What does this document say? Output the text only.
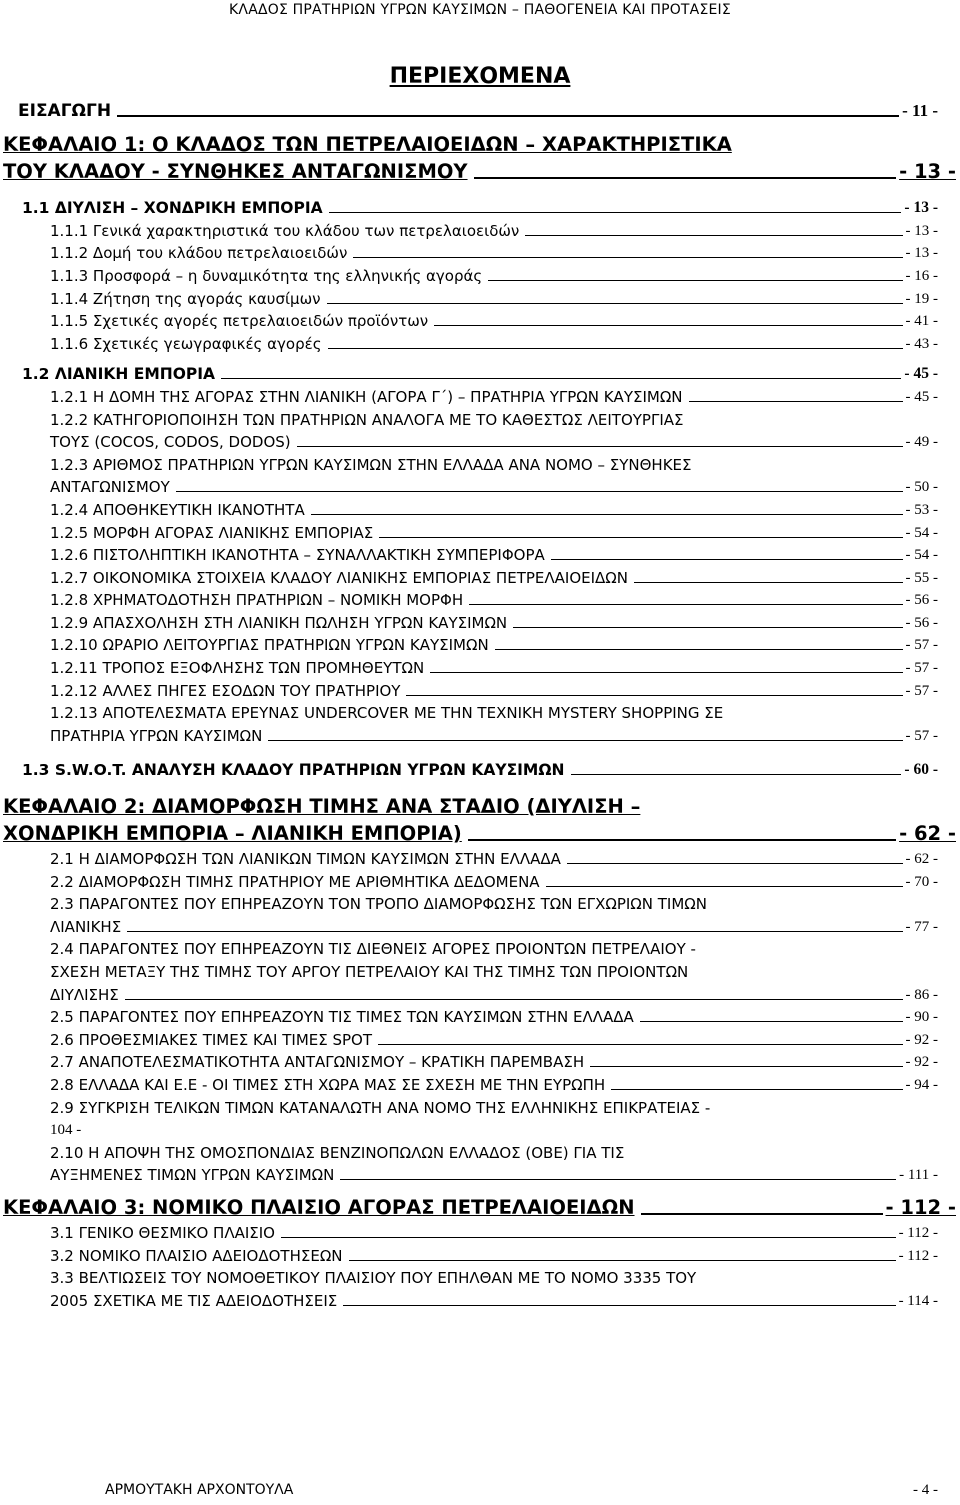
ΚΛΑΔΟΣ ΠΡΑΤΗΡΙΩΝ ΥΓΡΩΝ ΚΑΥΣΙΜΩΝ – ΠΑΘΟΓΕΝΕΙΑ ΚΑΙ ΠΡΟΤΑΣΕΙΣ
ΠΕΡΙΕΧΟΜΕΝΑ
ΕΙΣΑΓΩΓΗ	- 11 -
ΚΕΦΑΛΑΙΟ 1: Ο ΚΛΑΔΟΣ ΤΩΝ ΠΕΤΡΕΛΑΙΟΕΙΔΩΝ – ΧΑΡΑΚΤΗΡΙΣΤΙΚΑ
ΤΟΥ ΚΛΑΔΟΥ - ΣΥΝΘΗΚΕΣ ΑΝΤΑΓΩΝΙΣΜΟΥ	- 13 -
1.1 ΔΙΥΛΙΣΗ – ΧΟΝΔΡΙΚΗ ΕΜΠΟΡΙΑ	- 13 -
1.1.1 Γενικά χαρακτηριστικά του κλάδου των πετρελαιοειδών	- 13 -
1.1.2 Δομή του κλάδου πετρελαιοειδών	- 13 -
1.1.3 Προσφορά – η δυναμικότητα της ελληνικής αγοράς	- 16 -
1.1.4 Ζήτηση της αγοράς καυσίμων	- 19 -
1.1.5 Σχετικές αγορές πετρελαιοειδών προϊόντων	- 41 -
1.1.6 Σχετικές γεωγραφικές αγορές	- 43 -
1.2 ΛΙΑΝΙΚΗ ΕΜΠΟΡΙΑ	- 45 -
1.2.1 Η ΔΟΜΗ ΤΗΣ ΑΓΟΡΑΣ ΣΤΗΝ ΛΙΑΝΙΚΗ (ΑΓΟΡΑ Γ΄) – ΠΡΑΤΗΡΙΑ ΥΓΡΩΝ ΚΑΥΣΙΜΩΝ	- 45 -
1.2.2 ΚΑΤΗΓΟΡΙΟΠΟΙΗΣΗ ΤΩΝ ΠΡΑΤΗΡΙΩΝ ΑΝΑΛΟΓΑ ΜΕ ΤΟ ΚΑΘΕΣΤΩΣ ΛΕΙΤΟΥΡΓΙΑΣ
ΤΟΥΣ (COCOS, CODOS, DODOS)	- 49 -
1.2.3 ΑΡΙΘΜΟΣ ΠΡΑΤΗΡΙΩΝ ΥΓΡΩΝ ΚΑΥΣΙΜΩΝ ΣΤΗΝ ΕΛΛΑΔΑ ΑΝΑ ΝΟΜΟ – ΣΥΝΘΗΚΕΣ
ΑΝΤΑΓΩΝΙΣΜΟΥ	- 50 -
1.2.4 ΑΠΟΘΗΚΕΥΤΙΚΗ ΙΚΑΝΟΤΗΤΑ	- 53 -
1.2.5 ΜΟΡΦΗ ΑΓΟΡΑΣ ΛΙΑΝΙΚΗΣ ΕΜΠΟΡΙΑΣ	- 54 -
1.2.6 ΠΙΣΤΟΛΗΠΤΙΚΗ ΙΚΑΝΟΤΗΤΑ – ΣΥΝΑΛΛΑΚΤΙΚΗ ΣΥΜΠΕΡΙΦΟΡΑ	- 54 -
1.2.7 ΟΙΚΟΝΟΜΙΚΑ ΣΤΟΙΧΕΙΑ ΚΛΑΔΟΥ ΛΙΑΝΙΚΗΣ ΕΜΠΟΡΙΑΣ ΠΕΤΡΕΛΑΙΟΕΙΔΩΝ	- 55 -
1.2.8 ΧΡΗΜΑΤΟΔΟΤΗΣΗ ΠΡΑΤΗΡΙΩΝ – ΝΟΜΙΚΗ ΜΟΡΦΗ	- 56 -
1.2.9 ΑΠΑΣΧΟΛΗΣΗ ΣΤΗ ΛΙΑΝΙΚΗ ΠΩΛΗΣΗ ΥΓΡΩΝ ΚΑΥΣΙΜΩΝ	- 56 -
1.2.10 ΩΡΑΡΙΟ ΛΕΙΤΟΥΡΓΙΑΣ ΠΡΑΤΗΡΙΩΝ ΥΓΡΩΝ ΚΑΥΣΙΜΩΝ	- 57 -
1.2.11 ΤΡΟΠΟΣ ΕΞΟΦΛΗΣΗΣ ΤΩΝ ΠΡΟΜΗΘΕΥΤΩΝ	- 57 -
1.2.12 ΑΛΛΕΣ ΠΗΓΕΣ ΕΣΟΔΩΝ ΤΟΥ ΠΡΑΤΗΡΙΟΥ	- 57 -
1.2.13 ΑΠΟΤΕΛΕΣΜΑΤΑ ΕΡΕΥΝΑΣ UNDERCOVER ΜΕ ΤΗΝ ΤΕΧΝΙΚΗ MYSTERY SHOPPING ΣΕ
ΠΡΑΤΗΡΙΑ ΥΓΡΩΝ ΚΑΥΣΙΜΩΝ	- 57 -
1.3 S.W.O.T. ΑΝΑΛΥΣΗ ΚΛΑΔΟΥ ΠΡΑΤΗΡΙΩΝ ΥΓΡΩΝ ΚΑΥΣΙΜΩΝ	- 60 -
ΚΕΦΑΛΑΙΟ 2: ΔΙΑΜΟΡΦΩΣΗ ΤΙΜΗΣ ΑΝΑ ΣΤΑΔΙΟ (ΔΙΥΛΙΣΗ –
ΧΟΝΔΡΙΚΗ ΕΜΠΟΡΙΑ – ΛΙΑΝΙΚΗ ΕΜΠΟΡΙΑ)	- 62 -
2.1 Η ΔΙΑΜΟΡΦΩΣΗ ΤΩΝ ΛΙΑΝΙΚΩΝ ΤΙΜΩΝ ΚΑΥΣΙΜΩΝ ΣΤΗΝ ΕΛΛΑΔΑ	- 62 -
2.2 ΔΙΑΜΟΡΦΩΣΗ ΤΙΜΗΣ ΠΡΑΤΗΡΙΟΥ ΜΕ ΑΡΙΘΜΗΤΙΚΑ ΔΕΔΟΜΕΝΑ	- 70 -
2.3 ΠΑΡΑΓΟΝΤΕΣ ΠΟΥ ΕΠΗΡΕΑΖΟΥΝ ΤΟΝ ΤΡΟΠΟ ΔΙΑΜΟΡΦΩΣΗΣ ΤΩΝ ΕΓΧΩΡΙΩΝ ΤΙΜΩΝ
ΛΙΑΝΙΚΗΣ	- 77 -
2.4 ΠΑΡΑΓΟΝΤΕΣ ΠΟΥ ΕΠΗΡΕΑΖΟΥΝ ΤΙΣ ΔΙΕΘΝΕΙΣ ΑΓΟΡΕΣ ΠΡΟΙΟΝΤΩΝ ΠΕΤΡΕΛΑΙΟΥ -
ΣΧΕΣΗ ΜΕΤΑΞΥ ΤΗΣ ΤΙΜΗΣ ΤΟΥ ΑΡΓΟΥ ΠΕΤΡΕΛΑΙΟΥ ΚΑΙ ΤΗΣ ΤΙΜΗΣ ΤΩΝ ΠΡΟΙΟΝΤΩΝ
ΔΙΥΛΙΣΗΣ	- 86 -
2.5 ΠΑΡΑΓΟΝΤΕΣ ΠΟΥ ΕΠΗΡΕΑΖΟΥΝ ΤΙΣ ΤΙΜΕΣ ΤΩΝ ΚΑΥΣΙΜΩΝ ΣΤΗΝ ΕΛΛΑΔΑ	- 90 -
2.6 ΠΡΟΘΕΣΜΙΑΚΕΣ ΤΙΜΕΣ ΚΑΙ ΤΙΜΕΣ SPOT	- 92 -
2.7 ΑΝΑΠΟΤΕΛΕΣΜΑΤΙΚΟΤΗΤΑ ΑΝΤΑΓΩΝΙΣΜΟΥ – ΚΡΑΤΙΚΗ ΠΑΡΕΜΒΑΣΗ	- 92 -
2.8 ΕΛΛΑΔΑ ΚΑΙ Ε.Ε - ΟΙ ΤΙΜΕΣ ΣΤΗ ΧΩΡΑ ΜΑΣ ΣΕ ΣΧΕΣΗ ΜΕ ΤΗΝ ΕΥΡΩΠΗ	- 94 -
2.9 ΣΥΓΚΡΙΣΗ ΤΕΛΙΚΩΝ ΤΙΜΩΝ ΚΑΤΑΝΑΛΩΤΗ ΑΝΑ ΝΟΜΟ ΤΗΣ ΕΛΛΗΝΙΚΗΣ ΕΠΙΚΡΑΤΕΙΑΣ -
104 -
2.10 Η ΑΠΟΨΗ ΤΗΣ ΟΜΟΣΠΟΝΔΙΑΣ ΒΕΝΖΙΝΟΠΩΛΩΝ ΕΛΛΑΔΟΣ (ΟΒΕ) ΓΙΑ ΤΙΣ
ΑΥΞΗΜΕΝΕΣ ΤΙΜΩΝ ΥΓΡΩΝ ΚΑΥΣΙΜΩΝ	- 111 -
ΚΕΦΑΛΑΙΟ 3: ΝΟΜΙΚΟ ΠΛΑΙΣΙΟ ΑΓΟΡΑΣ ΠΕΤΡΕΛΑΙΟΕΙΔΩΝ	- 112 -
3.1 ΓΕΝΙΚΟ ΘΕΣΜΙΚΟ ΠΛΑΙΣΙΟ	- 112 -
3.2 ΝΟΜΙΚΟ ΠΛΑΙΣΙΟ ΑΔΕΙΟΔΟΤΗΣΕΩΝ	- 112 -
3.3 ΒΕΛΤΙΩΣΕΙΣ ΤΟΥ ΝΟΜΟΘΕΤΙΚΟΥ ΠΛΑΙΣΙΟΥ ΠΟΥ ΕΠΗΛΘΑΝ ΜΕ ΤΟ ΝΟΜΟ 3335 ΤΟΥ
2005 ΣΧΕΤΙΚΑ ΜΕ ΤΙΣ ΑΔΕΙΟΔΟΤΗΣΕΙΣ	- 114 -
ΑΡΜΟΥΤΑΚΗ ΑΡΧΟΝΤΟΥΛΑ	- 4 -
